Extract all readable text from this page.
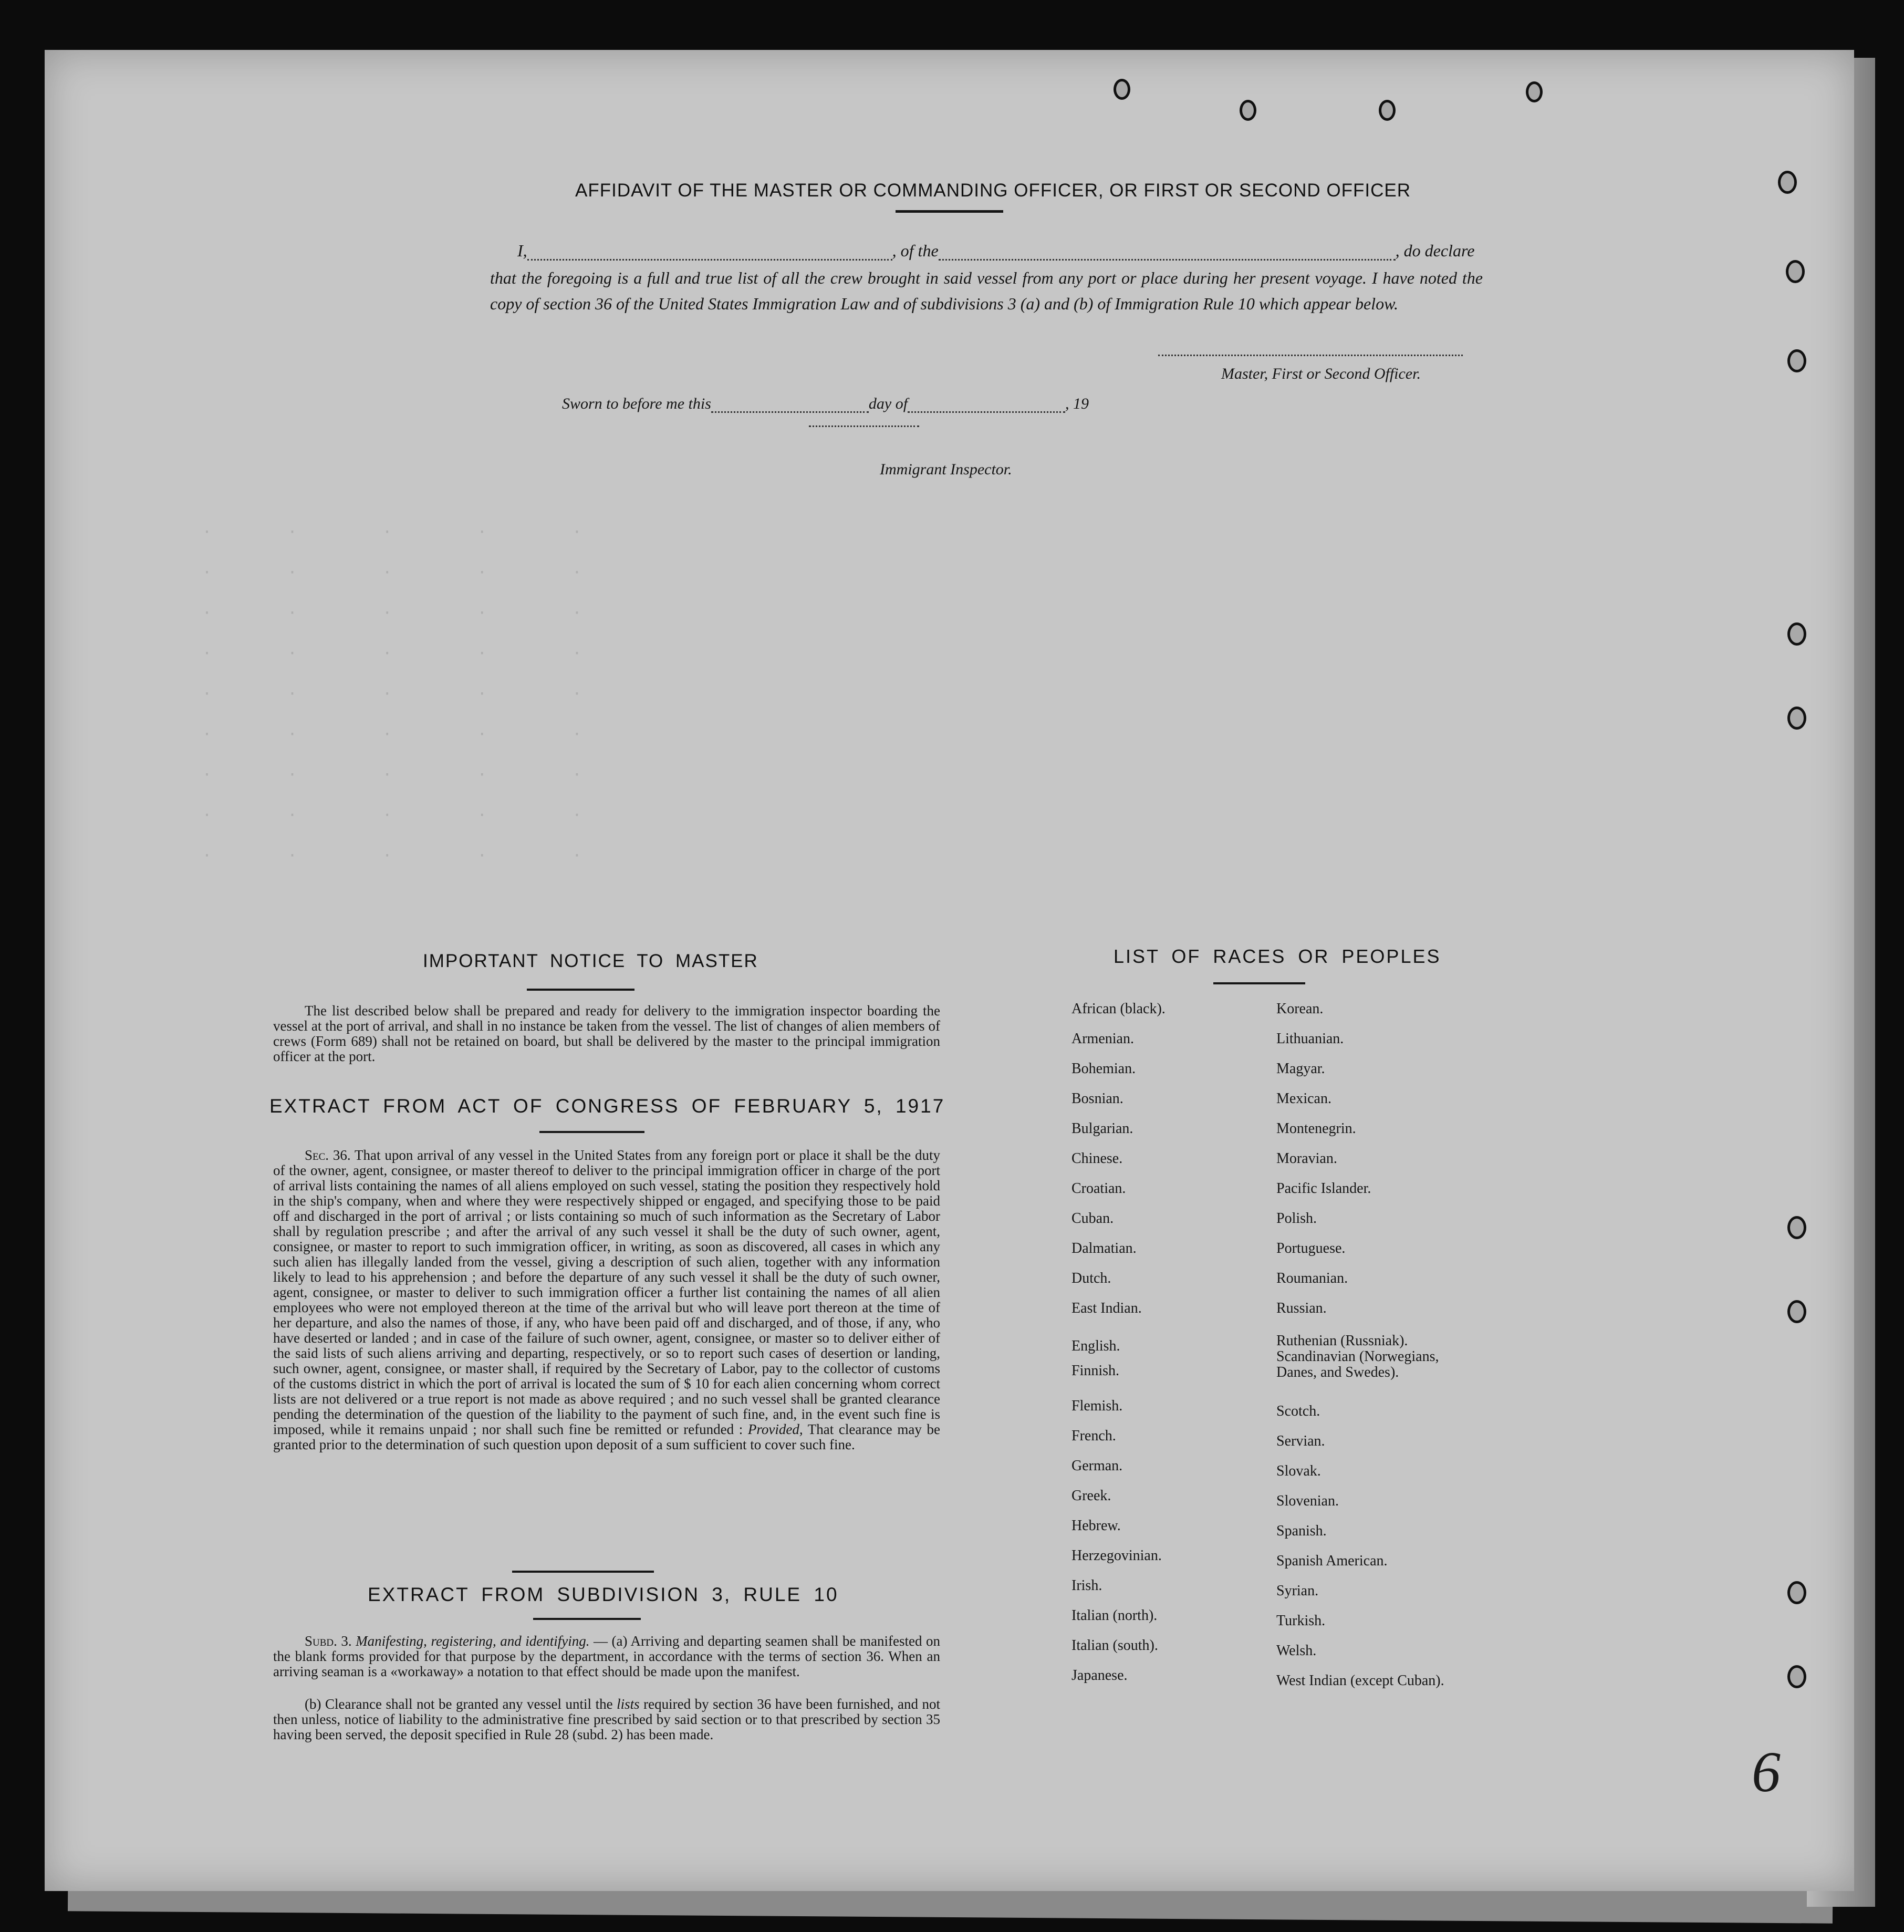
·        ·         ·         ·         ·
·        ·         ·         ·         ·
·        ·         ·         ·         ·
·        ·         ·         ·         ·
·        ·         ·         ·         ·
·        ·         ·         ·         ·
·        ·         ·         ·         ·
·        ·         ·         ·         ·
·        ·         ·         ·         ·
AFFIDAVIT OF THE MASTER OR COMMANDING OFFICER, OR FIRST OR SECOND OFFICER
I,	, of the	, do declare
that the foregoing is a full and true list of all the crew brought in said vessel from any port or place during her present voyage. I have noted the copy of section 36 of the United States Immigration Law and of subdivisions 3 (a) and (b) of Immigration Rule 10 which appear below.
Master, First or Second Officer.
Sworn to before me this	day of	, 19
Immigrant Inspector.
IMPORTANT NOTICE TO MASTER
The list described below shall be prepared and ready for delivery to the immigration inspector boarding the vessel at the port of arrival, and shall in no instance be taken from the vessel. The list of changes of alien members of crews (Form 689) shall not be retained on board, but shall be delivered by the master to the principal immigration officer at the port.
EXTRACT FROM ACT OF CONGRESS OF FEBRUARY 5, 1917
Sec. 36. That upon arrival of any vessel in the United States from any foreign port or place it shall be the duty of the owner, agent, consignee, or master thereof to deliver to the principal immigration officer in charge of the port of arrival lists containing the names of all aliens employed on such vessel, stating the position they respectively hold in the ship's company, when and where they were respectively shipped or engaged, and specifying those to be paid off and discharged in the port of arrival ; or lists containing so much of such information as the Secretary of Labor shall by regulation prescribe ; and after the arrival of any such vessel it shall be the duty of such owner, agent, consignee, or master to report to such immigration officer, in writing, as soon as discovered, all cases in which any such alien has illegally landed from the vessel, giving a description of such alien, together with any information likely to lead to his apprehension ; and before the departure of any such vessel it shall be the duty of such owner, agent, consignee, or master to deliver to such immigration officer a further list containing the names of all alien employees who were not employed thereon at the time of the arrival but who will leave port thereon at the time of her departure, and also the names of those, if any, who have been paid off and discharged, and of those, if any, who have deserted or landed ; and in case of the failure of such owner, agent, consignee, or master so to deliver either of the said lists of such aliens arriving and departing, respectively, or so to report such cases of desertion or landing, such owner, agent, consignee, or master shall, if required by the Secretary of Labor, pay to the collector of customs of the customs district in which the port of arrival is located the sum of $ 10 for each alien concerning whom correct lists are not delivered or a true report is not made as above required ; and no such vessel shall be granted clearance pending the determination of the question of the liability to the payment of such fine, and, in the event such fine is imposed, while it remains unpaid ; nor shall such fine be remitted or refunded : Provided, That clearance may be granted prior to the determination of such question upon deposit of a sum sufficient to cover such fine.
EXTRACT FROM SUBDIVISION 3, RULE 10
Subd. 3. Manifesting, registering, and identifying. — (a) Arriving and departing seamen shall be manifested on the blank forms provided for that purpose by the department, in accordance with the terms of section 36. When an arriving seaman is a «workaway» a notation to that effect should be made upon the manifest.
(b) Clearance shall not be granted any vessel until the lists required by section 36 have been furnished, and not then unless, notice of liability to the administrative fine prescribed by said section or to that prescribed by section 35 having been served, the deposit specified in Rule 28 (subd. 2) has been made.
LIST OF RACES OR PEOPLES
African (black).
Armenian.
Bohemian.
Bosnian.
Bulgarian.
Chinese.
Croatian.
Cuban.
Dalmatian.
Dutch.
East Indian.
English.
Finnish.
Flemish.
French.
German.
Greek.
Hebrew.
Herzegovinian.
Irish.
Italian (north).
Italian (south).
Japanese.
Korean.
Lithuanian.
Magyar.
Mexican.
Montenegrin.
Moravian.
Pacific Islander.
Polish.
Portuguese.
Roumanian.
Russian.
Ruthenian (Russniak).
Scandinavian (Norwegians,
Danes, and Swedes).
Scotch.
Servian.
Slovak.
Slovenian.
Spanish.
Spanish American.
Syrian.
Turkish.
Welsh.
West Indian (except Cuban).
6
